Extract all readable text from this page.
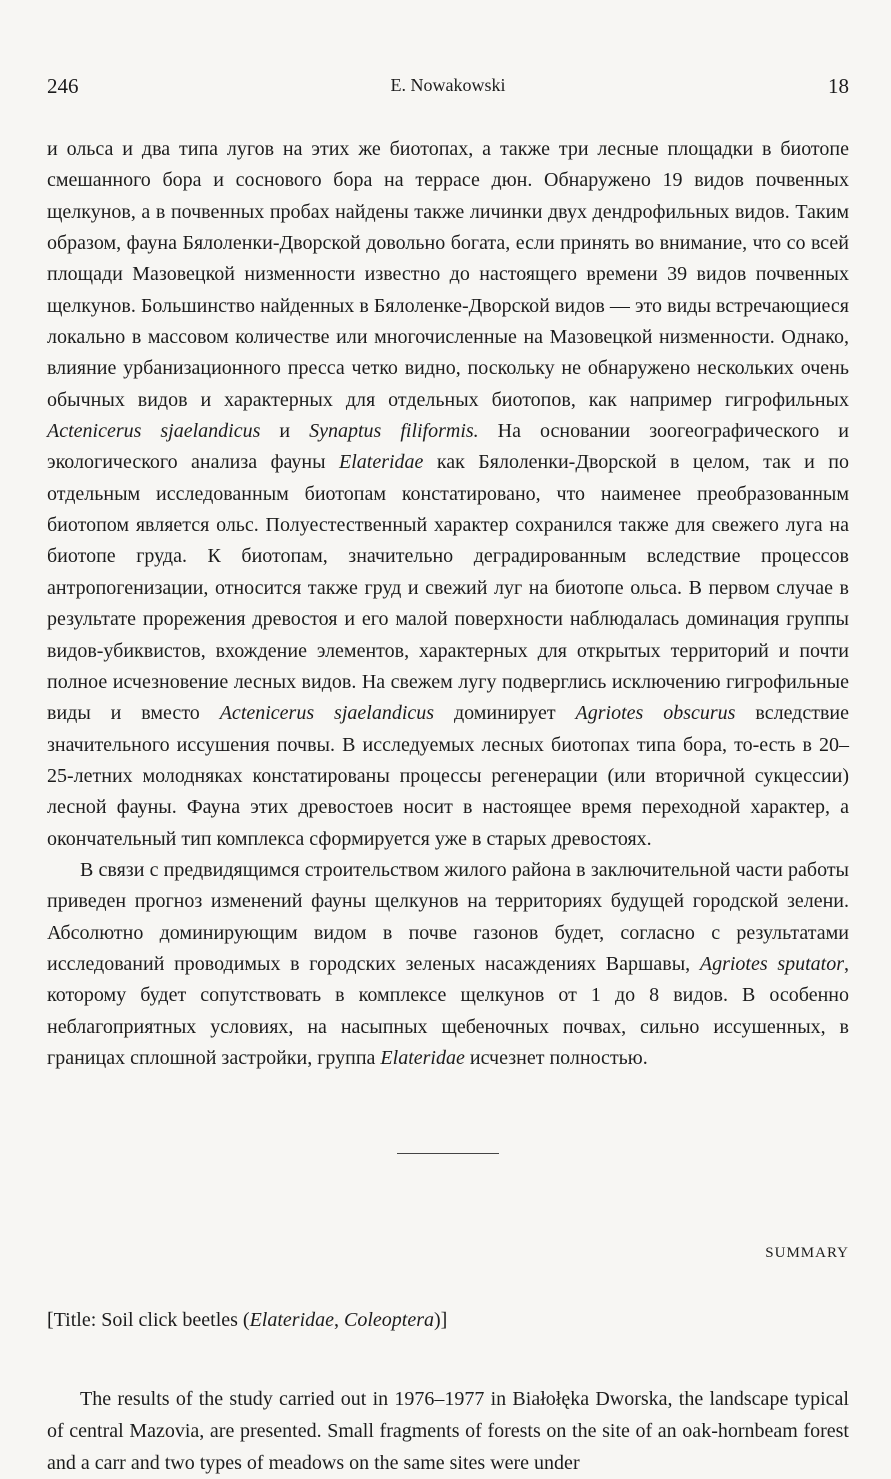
246	E. Nowakowski	18

и ольса и два типа лугов на этих же биотопах, а также три лесные площадки в биотопе смешанного бора и соснового бора на террасе дюн. Обнаружено 19 видов почвенных щелкунов, а в почвенных пробах найдены также личинки двух дендрофильных видов. Таким образом, фауна Бялоленки-Дворской довольно богата, если принять во внимание, что со всей площади Мазовецкой низменности известно до настоящего времени 39 видов почвенных щелкунов. Большинство найденных в Бялоленке-Дворской видов — это виды встречающиеся локально в массовом количестве или многочисленные на Мазовецкой низменности. Однако, влияние урбанизационного пресса четко видно, поскольку не обнаружено нескольких очень обычных видов и характерных для отдельных биотопов, как например гигрофильных Actenicerus sjaelandicus и Synaptus filiformis. На основании зоогеографического и экологического анализа фауны Elateridae как Бялоленки-Дворской в целом, так и по отдельным исследованным биотопам констатировано, что наименее преобразованным биотопом является ольс. Полуестественный характер сохранился также для свежего луга на биотопе груда. К биотопам, значительно деградированным вследствие процессов антропогенизации, относится также груд и свежий луг на биотопе ольса. В первом случае в результате прорежения древостоя и его малой поверхности наблюдалась доминация группы видов-убиквистов, вхождение элементов, характерных для открытых территорий и почти полное исчезновение лесных видов. На свежем лугу подверглись исключению гигрофильные виды и вместо Actenicerus sjaelandicus доминирует Agriotes obscurus вследствие значительного иссушения почвы. В исследуемых лесных биотопах типа бора, то-есть в 20–25-летних молодняках констатированы процессы регенерации (или вторичной сукцессии) лесной фауны. Фауна этих древостоев носит в настоящее время переходной характер, а окончательный тип комплекса сформируется уже в старых древостоях.

В связи с предвидящимся строительством жилого района в заключительной части работы приведен прогноз изменений фауны щелкунов на территориях будущей городской зелени. Абсолютно доминирующим видом в почве газонов будет, согласно с результатами исследований проводимых в городских зеленых насаждениях Варшавы, Agriotes sputator, которому будет сопутствовать в комплексе щелкунов от 1 до 8 видов. В особенно неблагоприятных условиях, на насыпных щебеночных почвах, сильно иссушенных, в границах сплошной застройки, группа Elateridae исчезнет полностью.

SUMMARY

[Title: Soil click beetles (Elateridae, Coleoptera)]

The results of the study carried out in 1976–1977 in Białołęka Dworska, the landscape typical of central Mazovia, are presented. Small fragments of forests on the site of an oak-hornbeam forest and a carr and two types of meadows on the same sites were under
